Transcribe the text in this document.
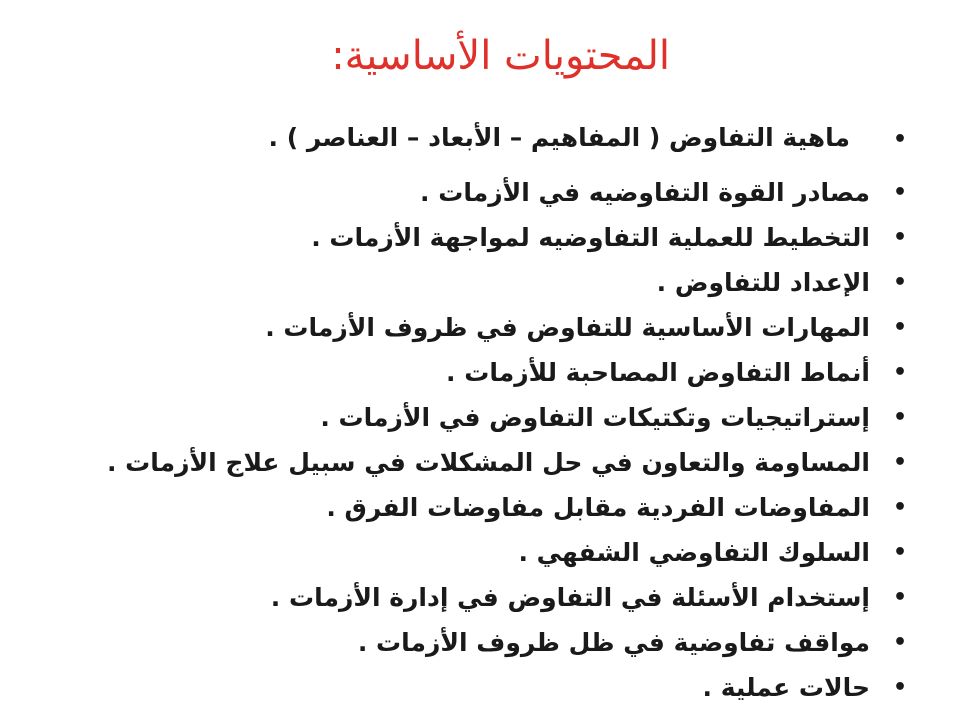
المحتويات الأساسية:
•
ماهية التفاوض ( المفاهيم – الأبعاد – العناصر ) .
•
مصادر القوة التفاوضيه في الأزمات .
•
التخطيط للعملية التفاوضيه لمواجهة الأزمات .
•
الإعداد للتفاوض .
•
المهارات الأساسية للتفاوض في ظروف الأزمات .
•
أنماط التفاوض المصاحبة للأزمات .
•
إستراتيجيات وتكتيكات التفاوض في الأزمات .
•
المساومة والتعاون في حل المشكلات في سبيل علاج الأزمات .
•
المفاوضات الفردية مقابل مفاوضات الفرق .
•
السلوك التفاوضي الشفهي .
•
إستخدام الأسئلة في التفاوض في إدارة الأزمات .
•
مواقف تفاوضية في ظل ظروف الأزمات .
•
حالات عملية .
